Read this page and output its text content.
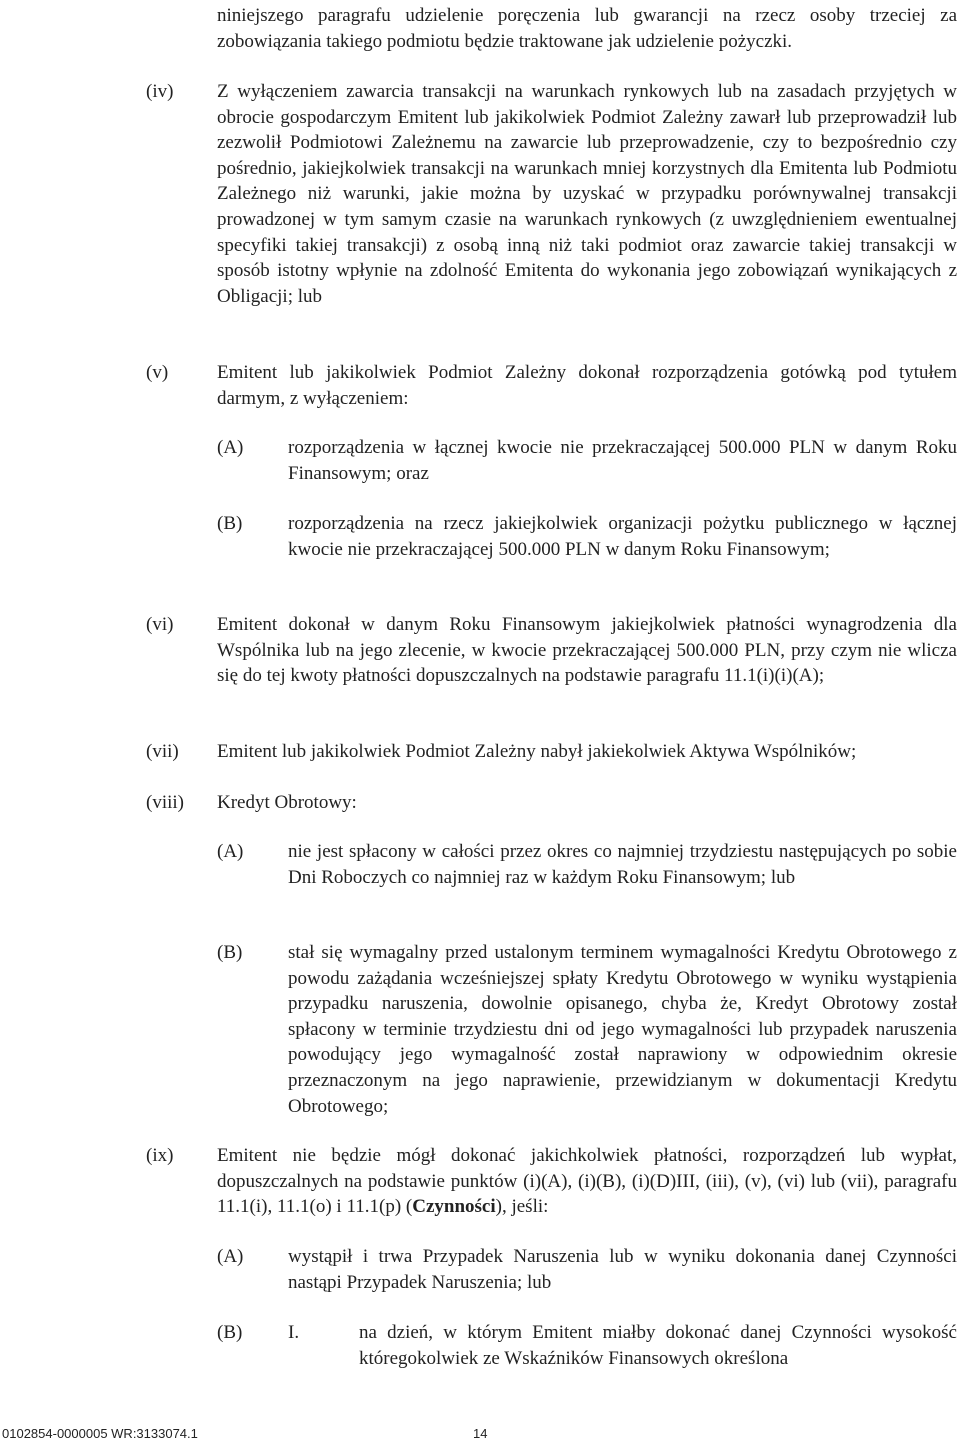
niniejszego paragrafu udzielenie poręczenia lub gwarancji na rzecz osoby trzeciej za zobowiązania takiego podmiotu będzie traktowane jak udzielenie pożyczki.
(iv) Z wyłączeniem zawarcia transakcji na warunkach rynkowych lub na zasadach przyjętych w obrocie gospodarczym Emitent lub jakikolwiek Podmiot Zależny zawarł lub przeprowadził lub zezwolił Podmiotowi Zależnemu na zawarcie lub przeprowadzenie, czy to bezpośrednio czy pośrednio, jakiejkolwiek transakcji na warunkach mniej korzystnych dla Emitenta lub Podmiotu Zależnego niż warunki, jakie można by uzyskać w przypadku porównywalnej transakcji prowadzonej w tym samym czasie na warunkach rynkowych (z uwzględnieniem ewentualnej specyfiki takiej transakcji) z osobą inną niż taki podmiot oraz zawarcie takiej transakcji w sposób istotny wpłynie na zdolność Emitenta do wykonania jego zobowiązań wynikających z Obligacji; lub
(v)	Emitent lub jakikolwiek Podmiot Zależny dokonał rozporządzenia gotówką pod tytułem darmym, z wyłączeniem:
(A) rozporządzenia w łącznej kwocie nie przekraczającej 500.000 PLN w danym Roku Finansowym; oraz
(B) rozporządzenia na rzecz jakiejkolwiek organizacji pożytku publicznego w łącznej kwocie nie przekraczającej 500.000 PLN w danym Roku Finansowym;
(vi) Emitent dokonał w danym Roku Finansowym jakiejkolwiek płatności wynagrodzenia dla Wspólnika lub na jego zlecenie, w kwocie przekraczającej 500.000 PLN, przy czym nie wlicza się do tej kwoty płatności dopuszczalnych na podstawie paragrafu 11.1(i)(i)(A);
(vii) Emitent lub jakikolwiek Podmiot Zależny nabył jakiekolwiek Aktywa Wspólników;
(viii) Kredyt Obrotowy:
(A) nie jest spłacony w całości przez okres co najmniej trzydziestu następujących po sobie Dni Roboczych co najmniej raz w każdym Roku Finansowym; lub
(B) stał się wymagalny przed ustalonym terminem wymagalności Kredytu Obrotowego z powodu zażądania wcześniejszej spłaty Kredytu Obrotowego w wyniku wystąpienia przypadku naruszenia, dowolnie opisanego, chyba że, Kredyt Obrotowy został spłacony w terminie trzydziestu dni od jego wymagalności lub przypadek naruszenia powodujący jego wymagalność został naprawiony w odpowiednim okresie przeznaczonym na jego naprawienie, przewidzianym w dokumentacji Kredytu Obrotowego;
(ix) Emitent nie będzie mógł dokonać jakichkolwiek płatności, rozporządzeń lub wypłat, dopuszczalnych na podstawie punktów (i)(A), (i)(B), (i)(D)III, (iii), (v), (vi) lub (vii), paragrafu 11.1(i), 11.1(o) i 11.1(p) (Czynności), jeśli:
(A) wystąpił i trwa Przypadek Naruszenia lub w wyniku dokonania danej Czynności nastąpi Przypadek Naruszenia; lub
(B) I.	na dzień, w którym Emitent miałby dokonać danej Czynności wysokość któregokolwiek ze Wskaźników Finansowych określona
0102854-0000005 WR:3133074.1	14
